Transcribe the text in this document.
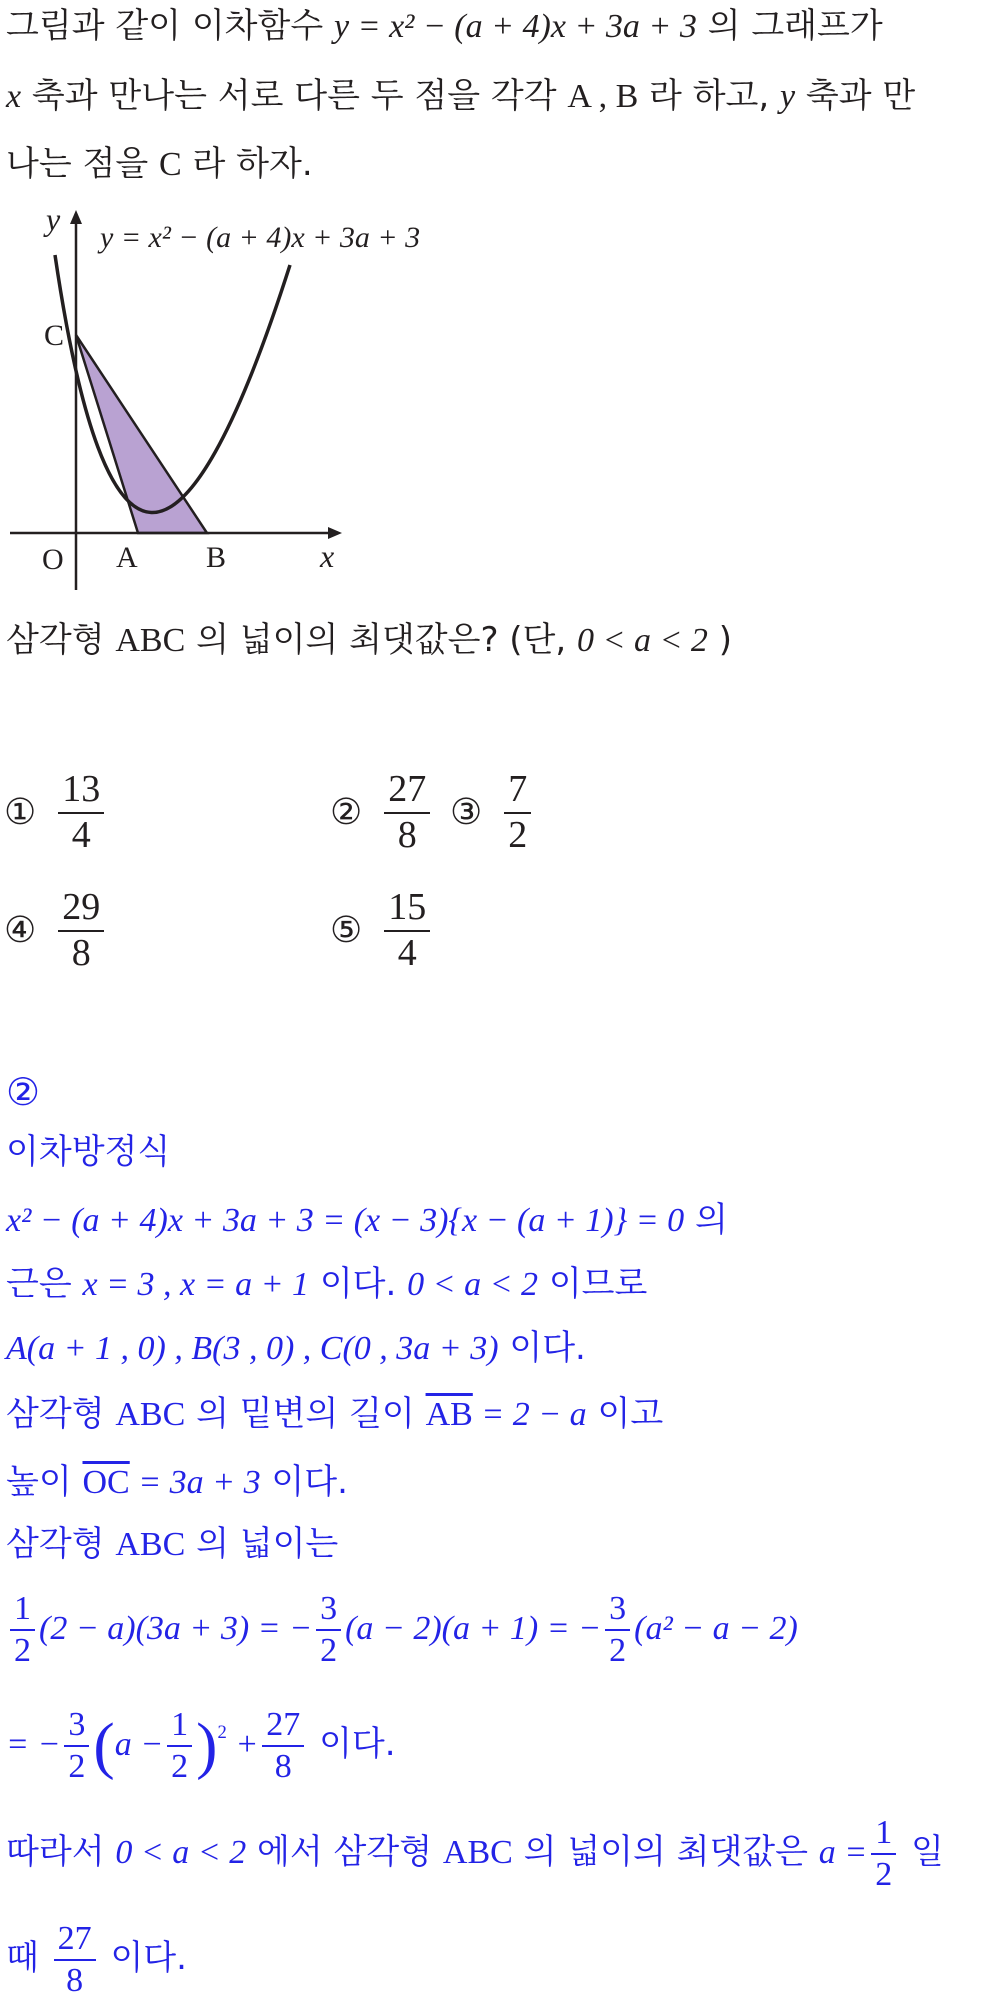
그림과 같이 이차함수 y = x² − (a + 4)x + 3a + 3 의 그래프가
x 축과 만나는 서로 다른 두 점을 각각 A , B 라 하고, y 축과 만
나는 점을 C 라 하자.
y
y = x² − (a + 4)x + 3a + 3
C
O A B	x
삼각형 ABC 의 넓이의 최댓값은? (단, 0 < a < 2 )
① $\frac{13}{4}$	② $\frac{27}{8}$ ③ $\frac{7}{2}$
④ $\frac{29}{8}$	⑤ $\frac{15}{4}$
②
이차방정식
x² − (a + 4)x + 3a + 3 = (x − 3){x − (a + 1)} = 0 의
근은 x = 3 , x = a + 1 이다. 0 < a < 2 이므로
A(a + 1 , 0) , B(3 , 0) , C(0 , 3a + 3) 이다.
삼각형 ABC 의 밑변의 길이 $\overline{AB} = 2 - a$ 이고
높이 $\overline{OC} = 3a + 3$ 이다.
삼각형 ABC 의 넓이는
$\frac{1}{2} (2 - a)(3a + 3)$ = − $\frac{3}{2} (a - 2)(a + 1)$ = − $\frac{3}{2} (a^2 - a - 2)$
= − $\frac{3}{2} (a - \frac{1}{2} )^2 + \frac{27}{8}$ 이다.
따라서 0 < a < 2 에서 삼각형 ABC 의 넓이의 최댓값은 $a = \frac{1}{2}$ 일
때 $\frac{27}{8}$ 이다.
